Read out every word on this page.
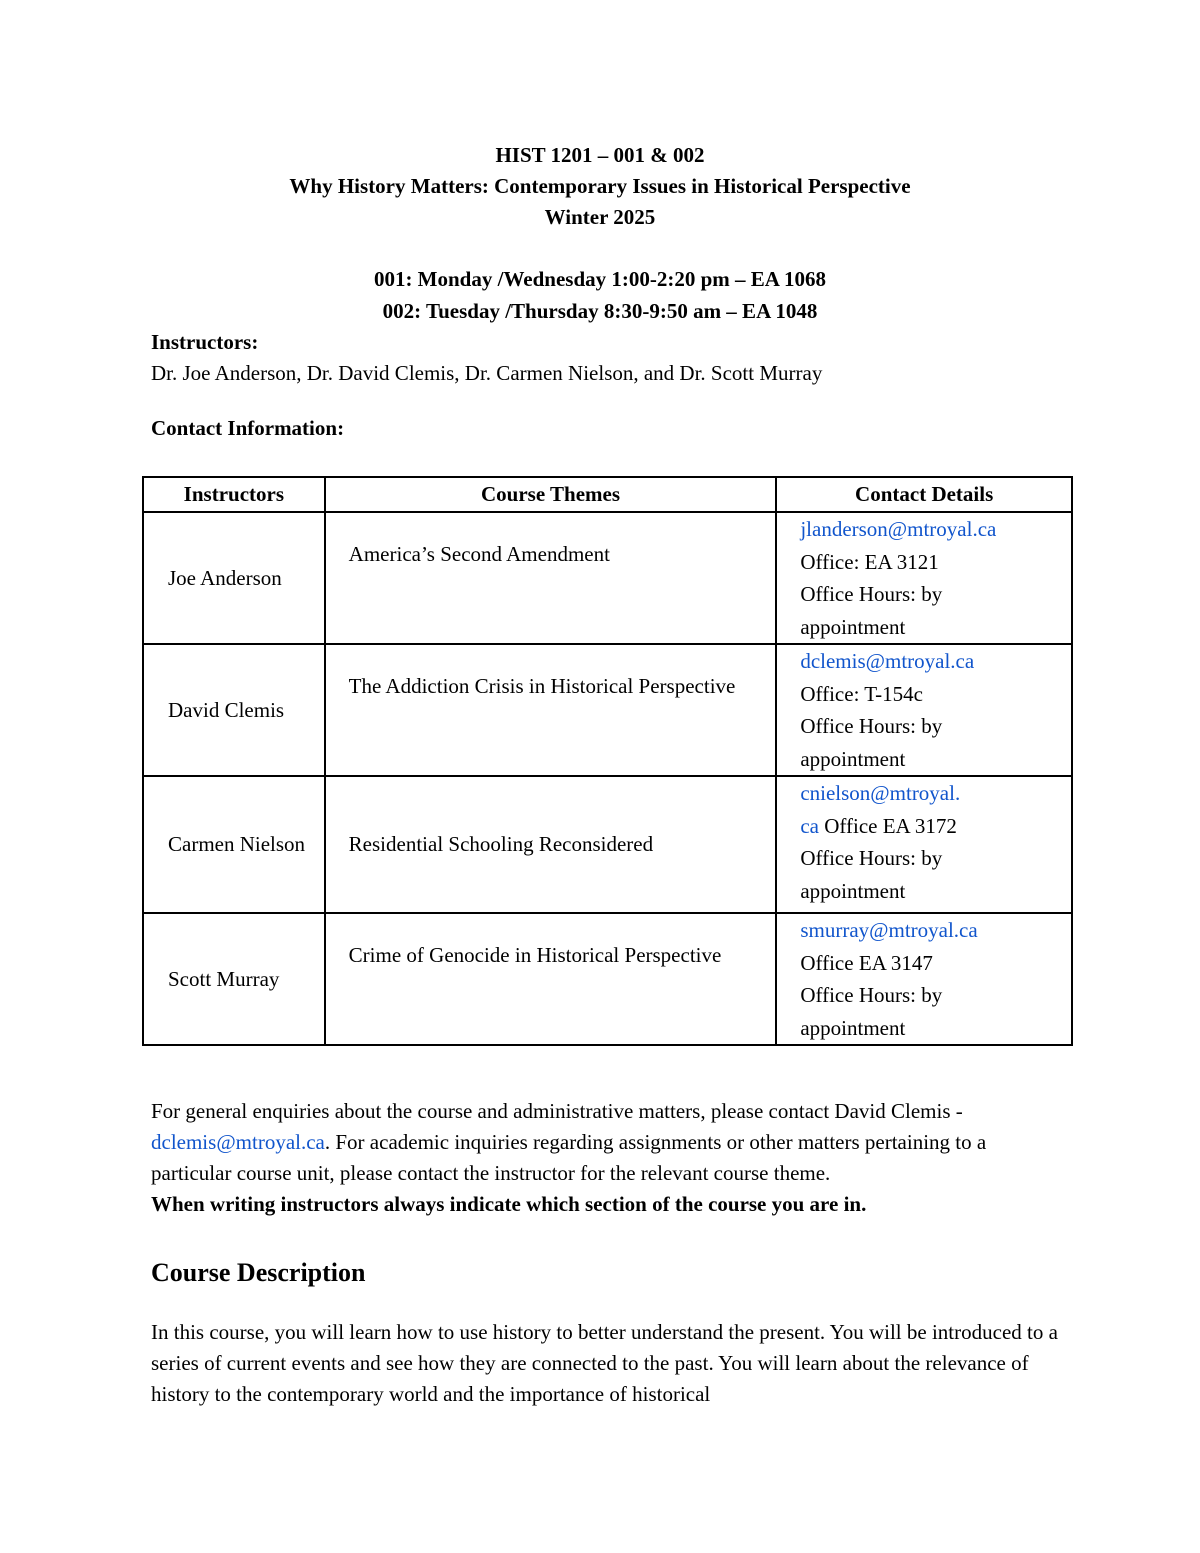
HIST 1201 – 001 & 002
Why History Matters: Contemporary Issues in Historical Perspective
Winter 2025
001: Monday /Wednesday 1:00-2:20 pm – EA 1068
002: Tuesday /Thursday 8:30-9:50 am – EA 1048
Instructors:
Dr. Joe Anderson, Dr. David Clemis, Dr. Carmen Nielson, and Dr. Scott Murray
Contact Information:
Instructors	Course Themes	Contact Details
Joe Anderson	America’s Second Amendment	jlanderson@mtroyal.ca
Office: EA 3121
Office Hours: by
appointment

David Clemis	The Addiction Crisis in Historical Perspective	dclemis@mtroyal.ca
Office: T-154c
Office Hours: by
appointment

Carmen Nielson	Residential Schooling Reconsidered	cnielson@mtroyal.
ca Office EA 3172
Office Hours: by
appointment

Scott Murray	Crime of Genocide in Historical Perspective	smurray@mtroyal.ca
Office EA 3147
Office Hours: by
appointment
For general enquiries about the course and administrative matters, please contact David Clemis - dclemis@mtroyal.ca. For academic inquiries regarding assignments or other matters pertaining to a particular course unit, please contact the instructor for the relevant course theme.
When writing instructors always indicate which section of the course you are in.
Course Description
In this course, you will learn how to use history to better understand the present. You will be introduced to a series of current events and see how they are connected to the past. You will learn about the relevance of history to the contemporary world and the importance of historical
